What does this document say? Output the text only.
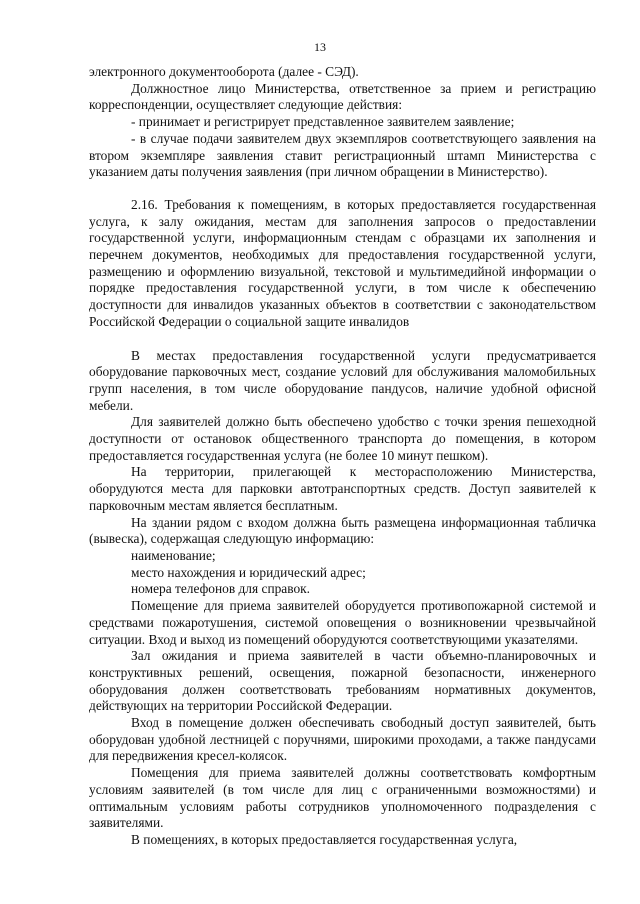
13

электронного документооборота (далее - СЭД).

Должностное лицо Министерства, ответственное за прием и регистрацию корреспонденции, осуществляет следующие действия:

- принимает и регистрирует представленное заявителем заявление;

- в случае подачи заявителем двух экземпляров соответствующего заявления на втором экземпляре заявления ставит регистрационный штамп Министерства с указанием даты получения заявления (при личном обращении в Министерство).

2.16. Требования к помещениям, в которых предоставляется государственная услуга, к залу ожидания, местам для заполнения запросов о предоставлении государственной услуги, информационным стендам с образцами их заполнения и перечнем документов, необходимых для предоставления государственной услуги, размещению и оформлению визуальной, текстовой и мультимедийной информации о порядке предоставления государственной услуги, в том числе к обеспечению доступности для инвалидов указанных объектов в соответствии с законодательством Российской Федерации о социальной защите инвалидов

В местах предоставления государственной услуги предусматривается оборудование парковочных мест, создание условий для обслуживания маломобильных групп населения, в том числе оборудование пандусов, наличие удобной офисной мебели.

Для заявителей должно быть обеспечено удобство с точки зрения пешеходной доступности от остановок общественного транспорта до помещения, в котором предоставляется государственная услуга (не более 10 минут пешком).

На территории, прилегающей к месторасположению Министерства, оборудуются места для парковки автотранспортных средств. Доступ заявителей к парковочным местам является бесплатным.

На здании рядом с входом должна быть размещена информационная табличка (вывеска), содержащая следующую информацию:

наименование;

место нахождения и юридический адрес;

номера телефонов для справок.

Помещение для приема заявителей оборудуется противопожарной системой и средствами пожаротушения, системой оповещения о возникновении чрезвычайной ситуации. Вход и выход из помещений оборудуются соответствующими указателями.

Зал ожидания и приема заявителей в части объемно-планировочных и конструктивных решений, освещения, пожарной безопасности, инженерного оборудования должен соответствовать требованиям нормативных документов, действующих на территории Российской Федерации.

Вход в помещение должен обеспечивать свободный доступ заявителей, быть оборудован удобной лестницей с поручнями, широкими проходами, а также пандусами для передвижения кресел-колясок.

Помещения для приема заявителей должны соответствовать комфортным условиям заявителей (в том числе для лиц с ограниченными возможностями) и оптимальным условиям работы сотрудников уполномоченного подразделения с заявителями.

В помещениях, в которых предоставляется государственная услуга,
